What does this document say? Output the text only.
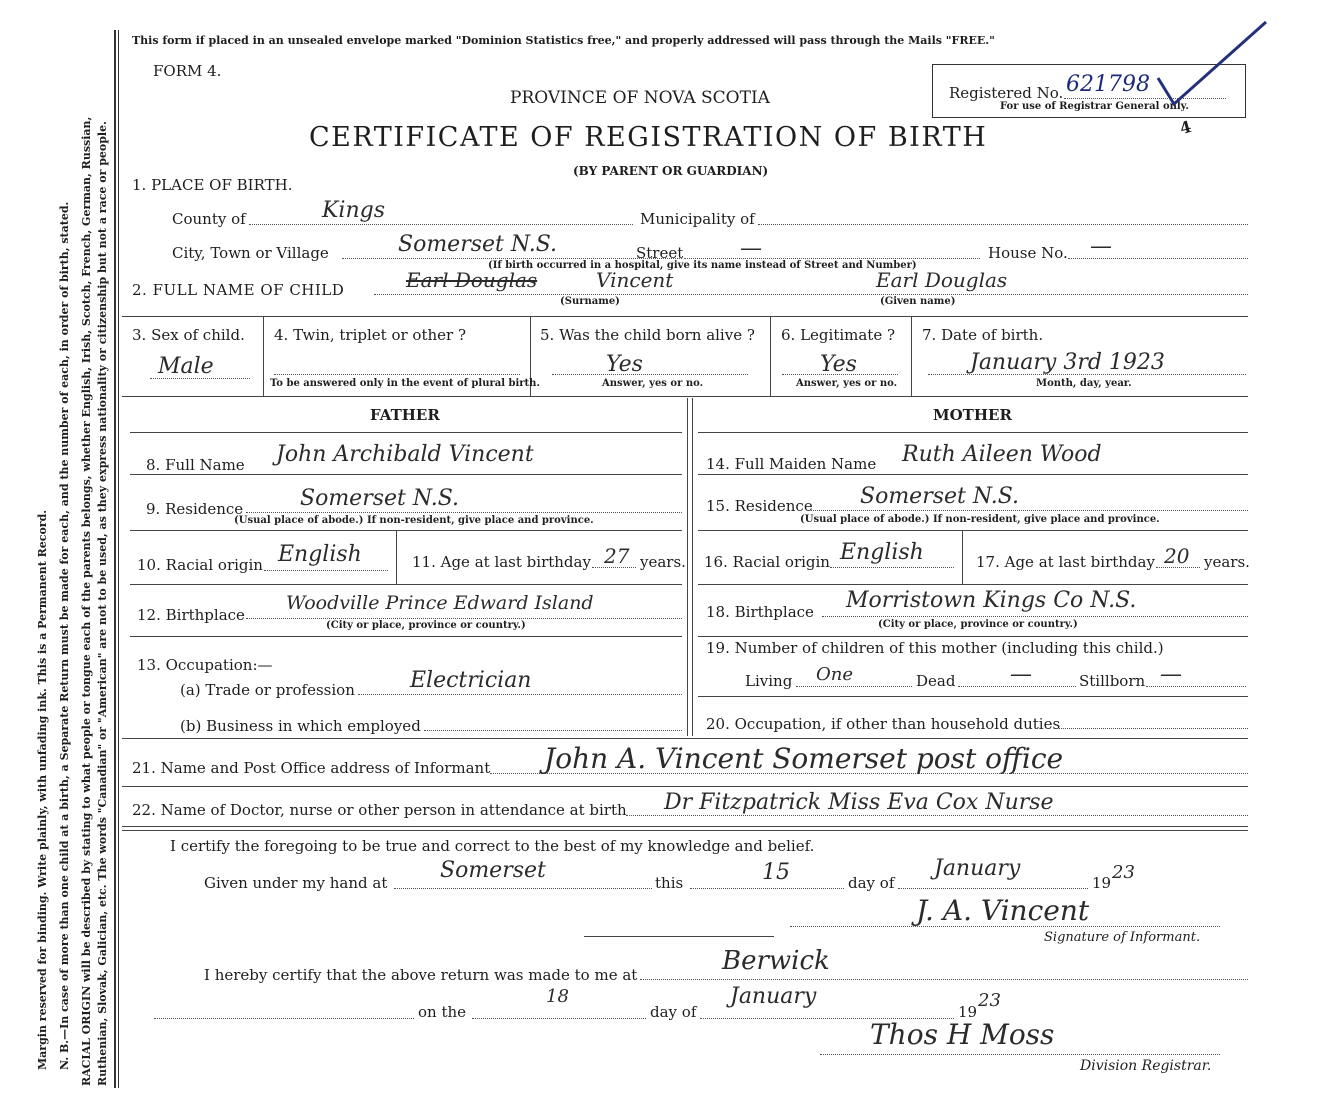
Margin reserved for binding. Write plainly, with unfading ink. This is a Permanent Record. N. B.—In case of more than one child at a birth, a Separate Return must be made for each, and the number of each, in order of birth, stated. RACIAL ORIGIN will be described by stating to what people or tongue each of the parents belongs, whether English, Irish, Scotch, French, German, Russian, Ruthenian, Slovak, Galician, etc. The words "Canadian" or "American" are not to be used, as they express nationality or citizenship but not a race or people.
This form if placed in an unsealed envelope marked "Dominion Statistics free," and properly addressed will pass through the Mails "FREE."
FORM 4.
PROVINCE OF NOVA SCOTIA
CERTIFICATE OF REGISTRATION OF BIRTH
(BY PARENT OR GUARDIAN)
Registered No. 621798
For use of Registrar General only.
4
1. PLACE OF BIRTH.
County of	Kings	Municipality of
City, Town or Village	Somerset N.S.	Street	—	House No. —
(If birth occurred in a hospital, give its name instead of Street and Number)
2. FULL NAME OF CHILD	Earl Douglas	Vincent
(Surname)
Earl Douglas
(Given name)
3. Sex of child.
Male
4. Twin, triplet or other ?
To be answered only in the event of plural birth.
5. Was the child born alive ?
Yes
Answer, yes or no.
6. Legitimate ?
Yes
Answer, yes or no.
7. Date of birth.
January 3rd 1923
Month, day, year.
FATHER	MOTHER
8. Full Name John Archibald Vincent
9. Residence	Somerset N.S.
(Usual place of abode.) If non-resident, give place and province.
10. Racial origin English	11. Age at last birthday 27 years.
12. Birthplace
Woodville Prince Edward Island
(City or place, province or country.)
13. Occupation:—
(a) Trade or profession	Electrician
(b) Business in which employed
14. Full Maiden Name Ruth Aileen Wood
15. Residence Somerset N.S.
(Usual place of abode.) If non-resident, give place and province.
16. Racial origin English	17. Age at last birthday 20 years.
18. Birthplace Morristown Kings Co N.S.
(City or place, province or country.)
19. Number of children of this mother (including this child.)
Living One	Dead —	Stillborn —
20. Occupation, if other than household duties
21. Name and Post Office address of Informant John A. Vincent Somerset post office
22. Name of Doctor, nurse or other person in attendance at birth Dr Fitzpatrick Miss Eva Cox Nurse
I certify the foregoing to be true and correct to the best of my knowledge and belief.
Given under my hand at Somerset	this	15	day of
January
19 23
J. A. Vincent
Signature of Informant.
I hereby certify that the above return was made to me at	Berwick
on the
18
day of
January
19
23
Thos H Moss
Division Registrar.
